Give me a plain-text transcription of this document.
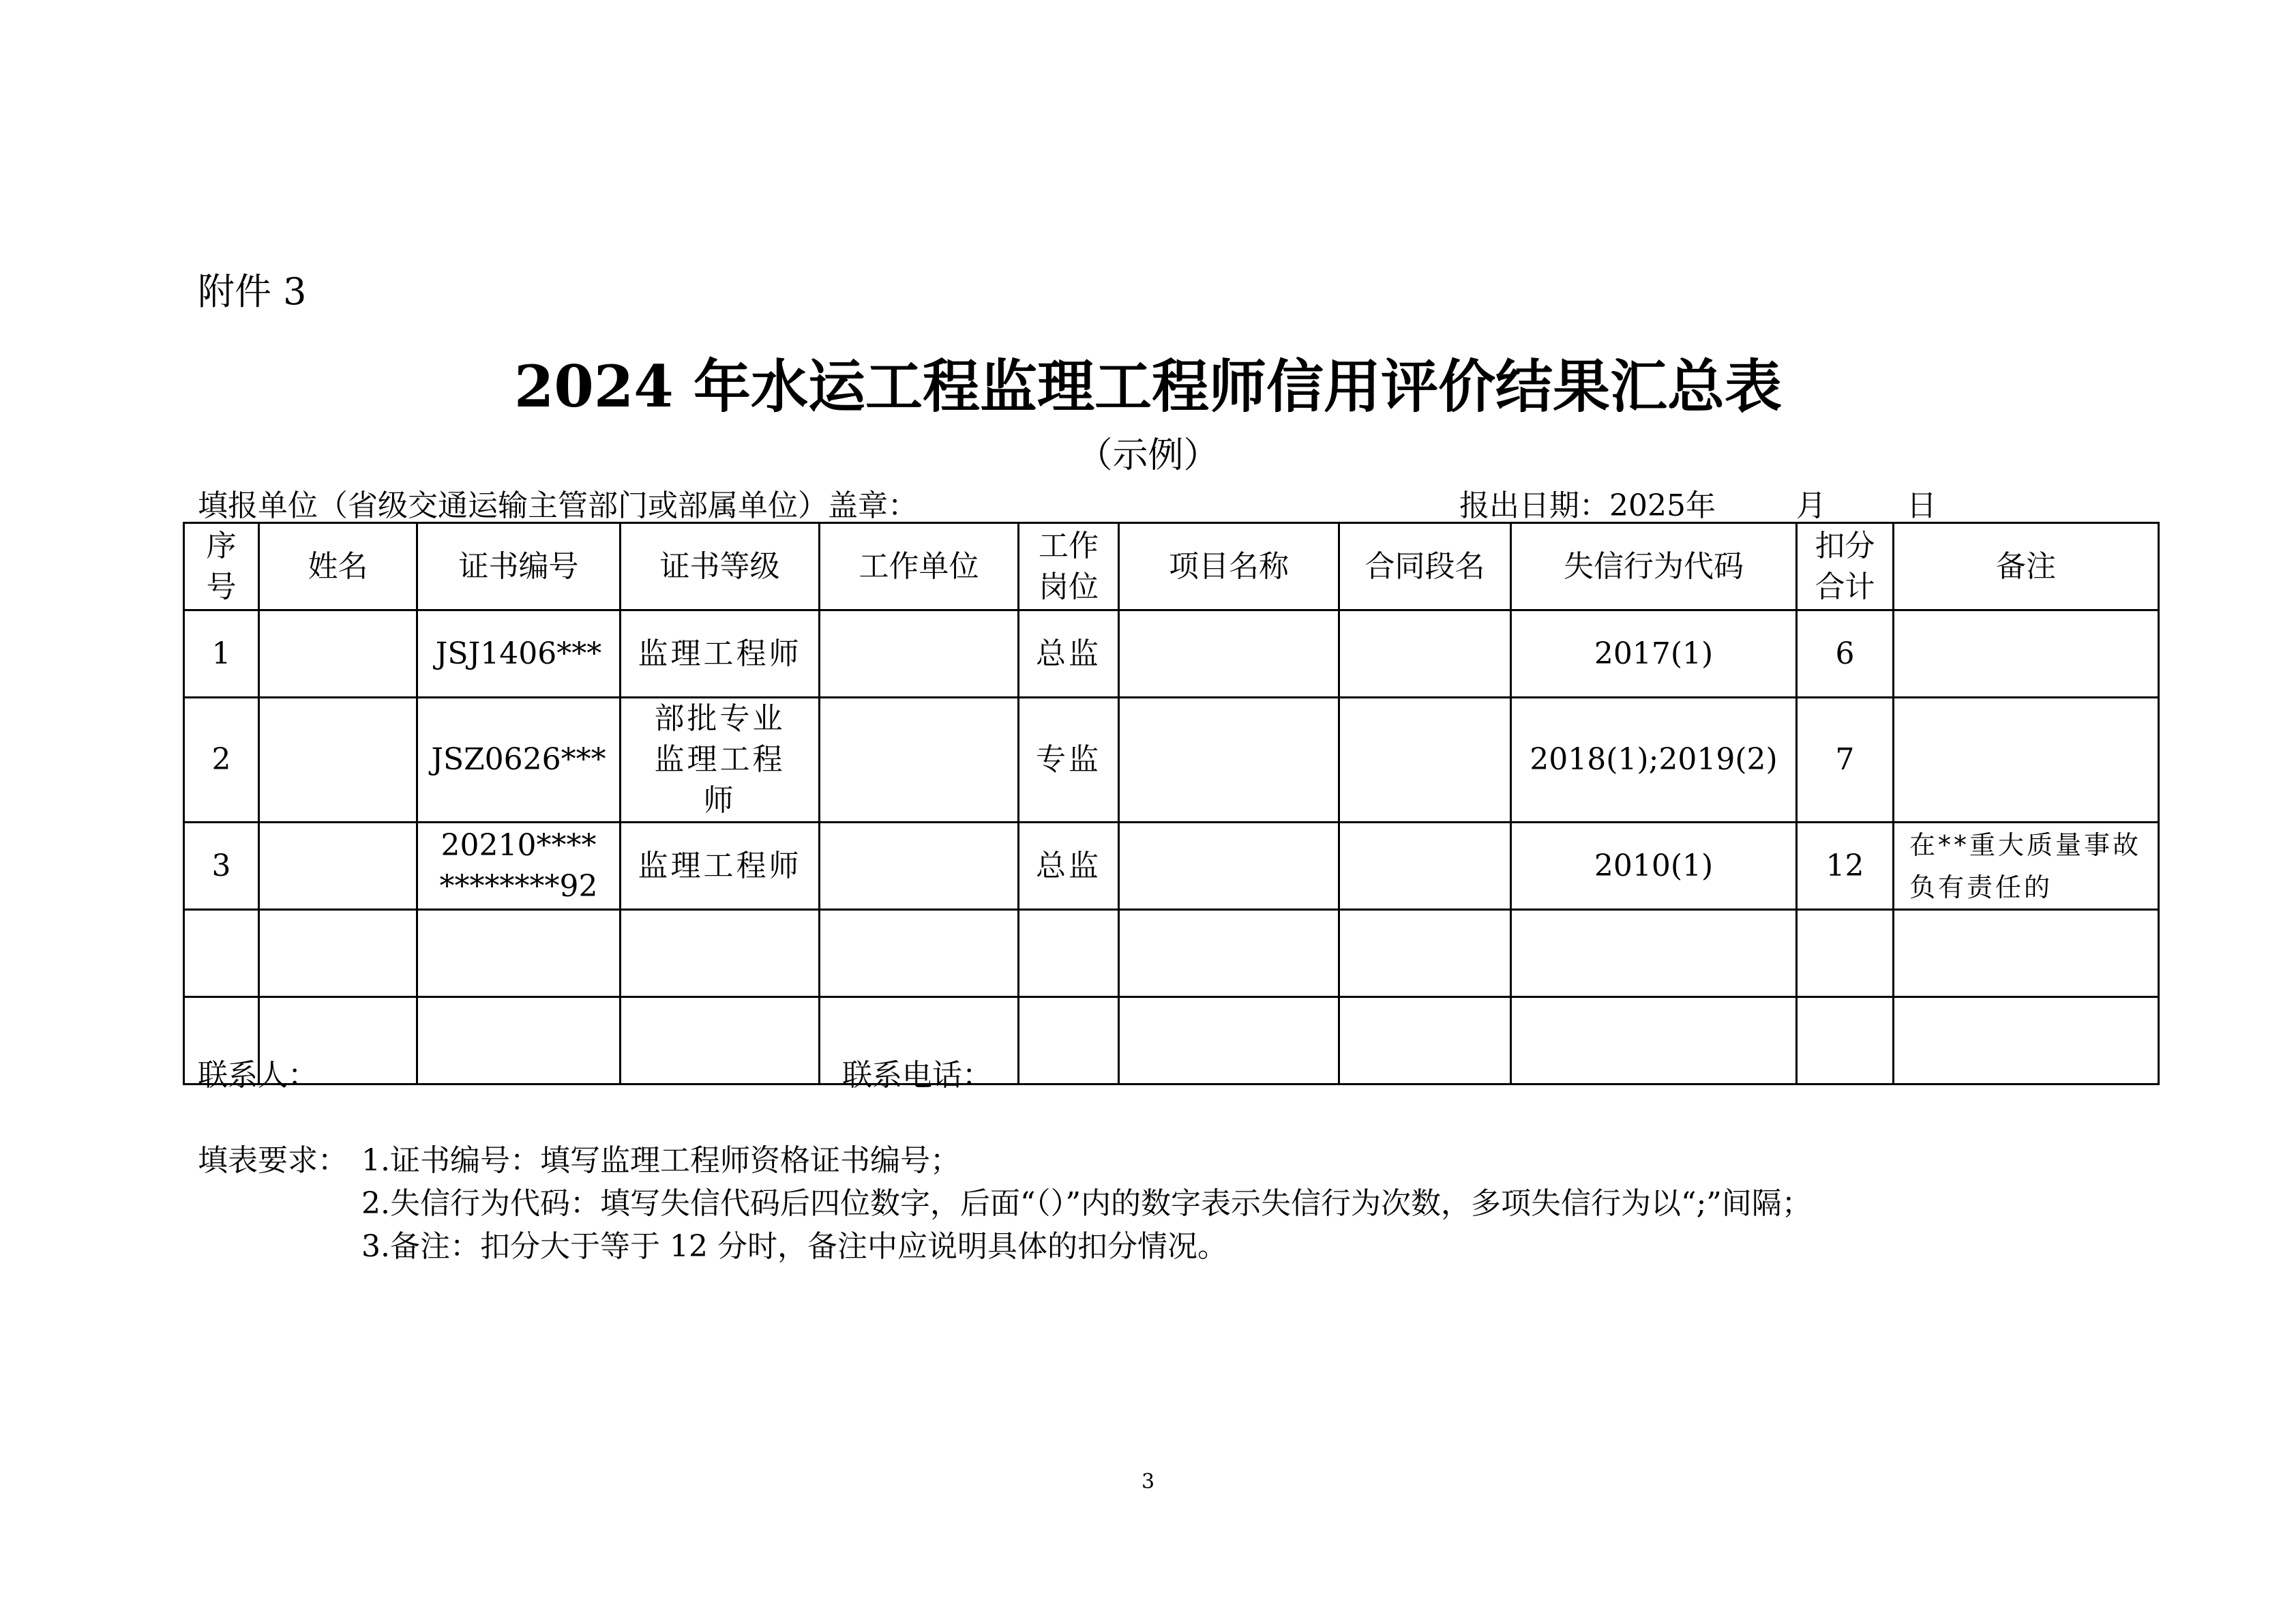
附件 3
2024 年水运工程监理工程师信用评价结果汇总表
（示例）
填报单位（省级交通运输主管部门或部属单位）盖章：	报出日期：2025年	月	日
序号	姓名	证书编号	证书等级	工作单位	工作岗位	项目名称	合同段名	失信行为代码	扣分合计	备注
1		JSJ1406***	监理工程师		总监			2017(1)	6	
2		JSZ0626***	部批专业监理工程师		专监			2018(1);2019(2)	7	
3		20210************92	监理工程师		总监			2010(1)	12	在**重大质量事故负有责任的

联系人：	联系电话：
填表要求： 1.证书编号：填写监理工程师资格证书编号；
2.失信行为代码：填写失信代码后四位数字，后面“（）”内的数字表示失信行为次数，多项失信行为以“;”间隔；
3.备注：扣分大于等于 12 分时，备注中应说明具体的扣分情况。
3
